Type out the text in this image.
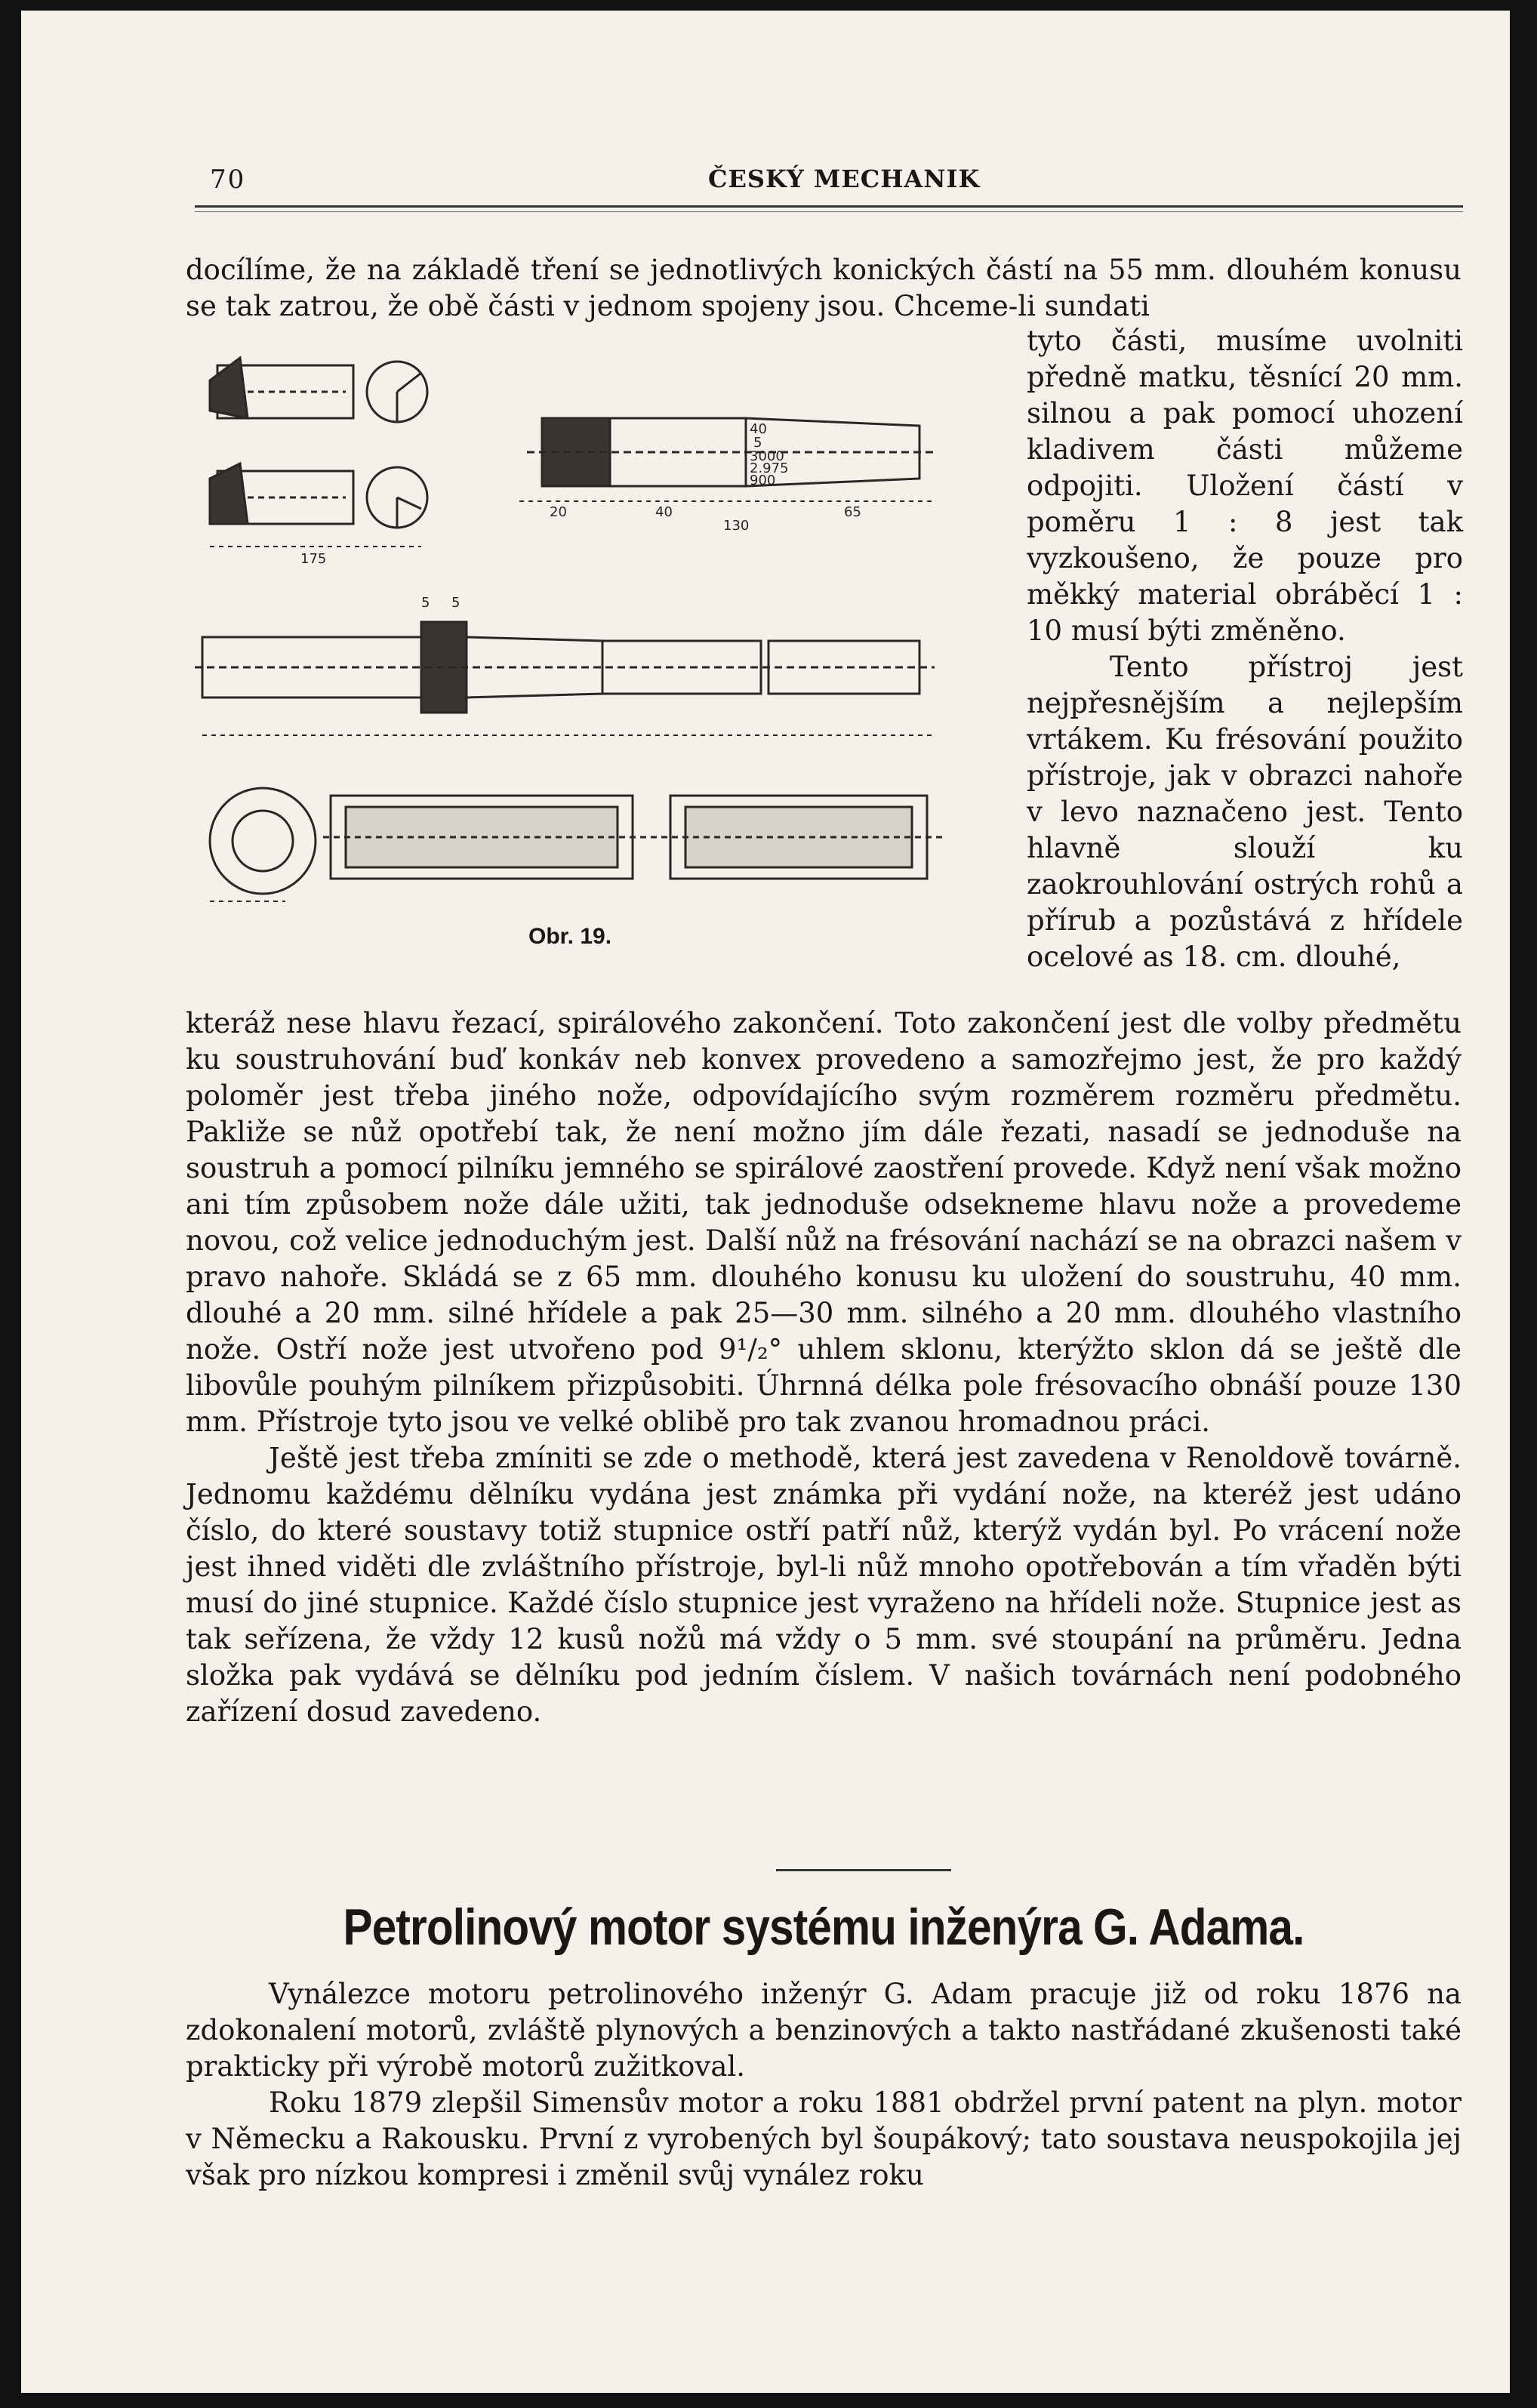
70	ČESKÝ MECHANIK

docílíme, že na základě tření se jednotlivých konických částí na 55 mm. dlouhém konusu se tak zatrou, že obě části v jednom spojeny jsou. Chceme-li sundati

175
40
5
3000
2.975
900
20	40	65
130
5 5
Obr. 19.

tyto části, musíme uvolniti předně matku, těsnící 20 mm. silnou a pak pomocí uhození kladivem části můžeme odpojiti. Uložení částí v poměru 1 : 8 jest tak vyzkoušeno, že pouze pro měkký material obráběcí 1 : 10 musí býti změněno.

Tento přístroj jest nejpřesnějším a nejlepším vrtákem. Ku frésování použito přístroje, jak v obrazci nahoře v levo naznačeno jest. Tento hlavně slouží ku zaokrouhlování ostrých rohů a přírub a pozůstává z hřídele ocelové as 18. cm. dlouhé,

kteráž nese hlavu řezací, spirálového zakončení. Toto zakončení jest dle volby předmětu ku soustruhování buď konkáv neb konvex provedeno a samozřejmo jest, že pro každý poloměr jest třeba jiného nože, odpovídajícího svým rozměrem rozměru předmětu. Pakliže se nůž opotřebí tak, že není možno jím dále řezati, nasadí se jednoduše na soustruh a pomocí pilníku jemného se spirálové zaostření provede. Když není však možno ani tím způsobem nože dále užiti, tak jednoduše odsekneme hlavu nože a provedeme novou, což velice jednoduchým jest. Další nůž na frésování nachází se na obrazci našem v pravo nahoře. Skládá se z 65 mm. dlouhého konusu ku uložení do soustruhu, 40 mm. dlouhé a 20 mm. silné hřídele a pak 25—30 mm. silného a 20 mm. dlouhého vlastního nože. Ostří nože jest utvořeno pod 9¹/₂° uhlem sklonu, kterýžto sklon dá se ještě dle libovůle pouhým pilníkem přizpůsobiti. Úhrnná délka pole frésovacího obnáší pouze 130 mm. Přístroje tyto jsou ve velké oblibě pro tak zvanou hromadnou práci.

Ještě jest třeba zmíniti se zde o methodě, která jest zavedena v Renoldově továrně. Jednomu každému dělníku vydána jest známka při vydání nože, na kteréž jest udáno číslo, do které soustavy totiž stupnice ostří patří nůž, kterýž vydán byl. Po vrácení nože jest ihned viděti dle zvláštního přístroje, byl-li nůž mnoho opotřebován a tím vřaděn býti musí do jiné stupnice. Každé číslo stupnice jest vyraženo na hřídeli nože. Stupnice jest as tak seřízena, že vždy 12 kusů nožů má vždy o 5 mm. své stoupání na průměru. Jedna složka pak vydává se dělníku pod jedním číslem. V našich továrnách není podobného zařízení dosud zavedeno.

Petrolinový motor systému inženýra G. Adama.

Vynálezce motoru petrolinového inženýr G. Adam pracuje již od roku 1876 na zdokonalení motorů, zvláště plynových a benzinových a takto nastřádané zkušenosti také prakticky při výrobě motorů zužitkoval.

Roku 1879 zlepšil Simensův motor a roku 1881 obdržel první patent na plyn. motor v Německu a Rakousku. První z vyrobených byl šoupákový; tato soustava neuspokojila jej však pro nízkou kompresi i změnil svůj vynález roku
